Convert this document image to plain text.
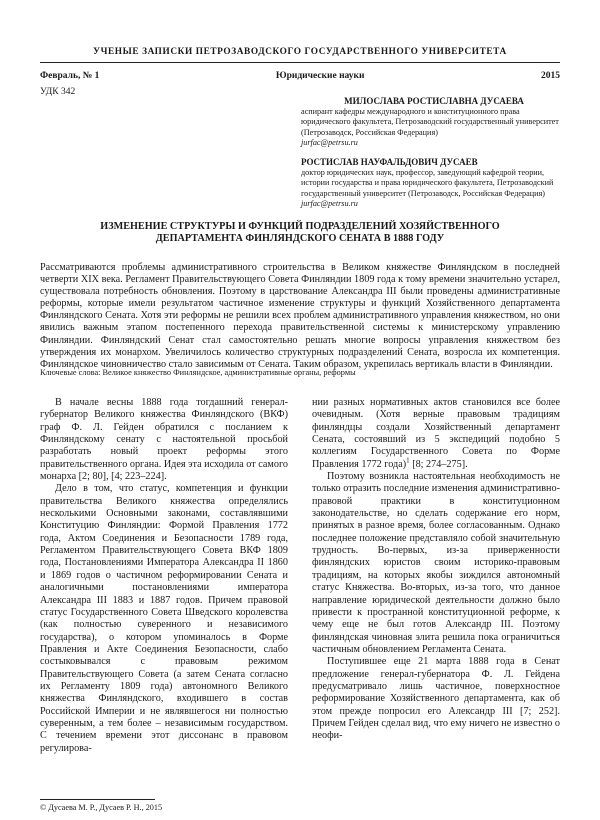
УЧЕНЫЕ ЗАПИСКИ ПЕТРОЗАВОДСКОГО ГОСУДАРСТВЕННОГО УНИВЕРСИТЕТА
Февраль, № 1	Юридические науки	2015
УДК 342
МИЛОСЛАВА РОСТИСЛАВНА ДУСАЕВА
аспирант кафедры международного и конституционного права юридического факультета, Петрозаводский государственный университет (Петрозаводск, Российская Федерация)
jurfac@petrsu.ru
РОСТИСЛАВ НАУФАЛЬДОВИЧ ДУСАЕВ
доктор юридических наук, профессор, заведующий кафедрой теории, истории государства и права юридического факультета, Петрозаводский государственный университет (Петрозаводск, Российская Федерация)
jurfac@petrsu.ru
ИЗМЕНЕНИЕ СТРУКТУРЫ И ФУНКЦИЙ ПОДРАЗДЕЛЕНИЙ ХОЗЯЙСТВЕННОГО ДЕПАРТАМЕНТА ФИНЛЯНДСКОГО СЕНАТА В 1888 ГОДУ
Рассматриваются проблемы административного строительства в Великом княжестве Финляндском в последней четверти XIX века. Регламент Правительствующего Совета Финляндии 1809 года к тому времени значительно устарел, существовала потребность обновления. Поэтому в царствование Александра III были проведены административные реформы, которые имели результатом частичное изменение структуры и функций Хозяйственного департамента Финляндского Сената. Хотя эти реформы не решили всех проблем административного управления княжеством, но они явились важным этапом постепенного перехода правительственной системы к министерскому управлению Финляндии. Финляндский Сенат стал самостоятельно решать многие вопросы управления княжеством без утверждения их монархом. Увеличилось количество структурных подразделений Сената, возросла их компетенция. Финляндское чиновничество стало зависимым от Сената. Таким образом, укрепилась вертикаль власти в Финляндии.
Ключевые слова: Великое княжество Финляндское, административные органы, реформы

В начале весны 1888 года тогдашний генерал-губернатор Великого княжества Финляндского (ВКФ) граф Ф. Л. Гейден обратился с посланием к Финляндскому сенату с настоятельной просьбой разработать новый проект реформы этого правительственного органа. Идея эта исходила от самого монарха [2; 80], [4; 223–224].

Дело в том, что статус, компетенция и функции правительства Великого княжества определялись несколькими Основными законами, составлявшими Конституцию Финляндии: Формой Правления 1772 года, Актом Соединения и Безопасности 1789 года, Регламентом Правительствующего Совета ВКФ 1809 года, Постановлениями Императора Александра II 1860 и 1869 годов о частичном реформировании Сената и аналогичными постановлениями императора Александра III 1883 и 1887 годов. Причем правовой статус Государственного Совета Шведского королевства (как полностью суверенного и независимого государства), о котором упоминалось в Форме Правления и Акте Соединения Безопасности, слабо состыковывался с правовым режимом Правительствующего Совета (а затем Сената согласно их Регламенту 1809 года) автономного Великого княжества Финляндского, входившего в состав Российской Империи и не являвшегося ни полностью суверенным, а тем более – независимым государством. С течением времени этот диссонанс в правовом регулирова-

нии разных нормативных актов становился все более очевидным. (Хотя верные правовым традициям финляндцы создали Хозяйственный департамент Сената, состоявший из 5 экспедиций подобно 5 коллегиям Государственного Совета по Форме Правления 1772 года)$^1$ [8; 274–275].

Поэтому возникла настоятельная необходимость не только отразить последние изменения административно-правовой практики в конституционном законодательстве, но сделать содержание его норм, принятых в разное время, более согласованным. Однако последнее положение представляло собой значительную трудность. Во-первых, из-за приверженности финляндских юристов своим историко-правовым традициям, на которых якобы зиждился автономный статус Княжества. Во-вторых, из-за того, что данное направление юридической деятельности должно было привести к пространной конституционной реформе, к чему еще не был готов Александр III. Поэтому финляндская чиновная элита решила пока ограничиться частичным обновлением Регламента Сената.

Поступившее еще 21 марта 1888 года в Сенат предложение генерал-губернатора Ф. Л. Гейдена предусматривало лишь частичное, поверхностное реформирование Хозяйственного департамента, как об этом прежде попросил его Александр III [7; 252]. Причем Гейден сделал вид, что ему ничего не известно о неофи-

© Дусаева М. Р., Дусаев Р. Н., 2015
